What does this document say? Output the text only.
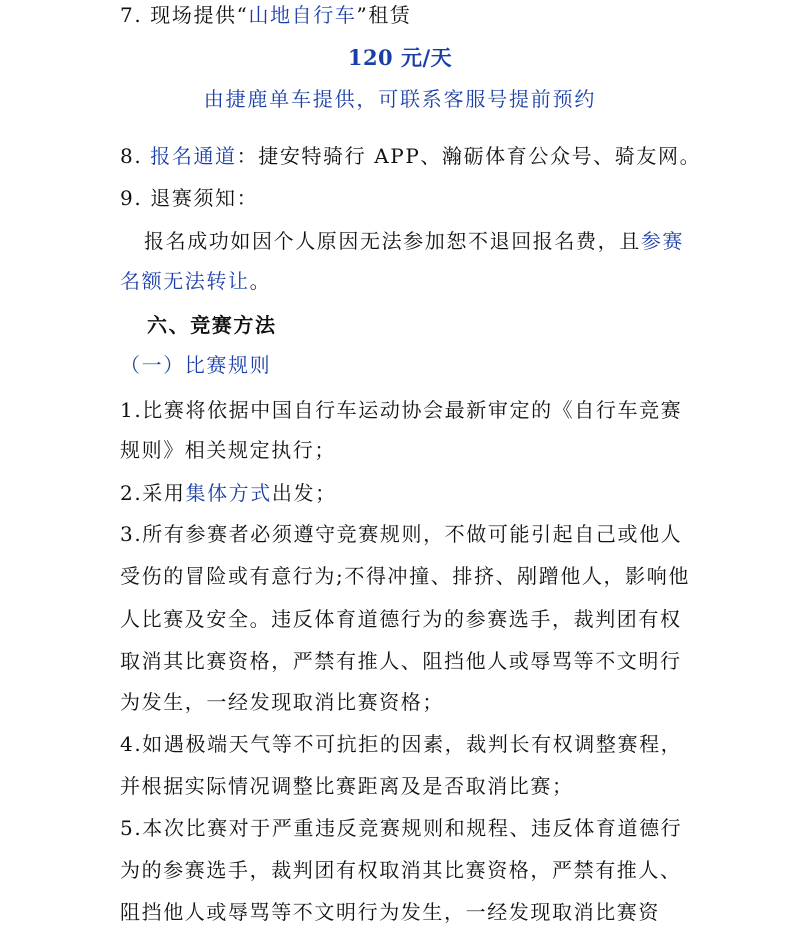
7. 现场提供“山地自行车”租赁
120 元/天
由捷鹿单车提供，可联系客服号提前预约
8. 报名通道：捷安特骑行 APP、瀚砺体育公众号、骑友网。
9. 退赛须知：
报名成功如因个人原因无法参加恕不退回报名费，且参赛
名额无法转让。
六、竞赛方法
（一）比赛规则
1.比赛将依据中国自行车运动协会最新审定的《自行车竞赛
规则》相关规定执行；
2.采用集体方式出发；
3.所有参赛者必须遵守竞赛规则，不做可能引起自己或他人
受伤的冒险或有意行为;不得冲撞、排挤、剐蹭他人，影响他
人比赛及安全。违反体育道德行为的参赛选手，裁判团有权
取消其比赛资格，严禁有推人、阻挡他人或辱骂等不文明行
为发生，一经发现取消比赛资格；
4.如遇极端天气等不可抗拒的因素，裁判长有权调整赛程，
并根据实际情况调整比赛距离及是否取消比赛；
5.本次比赛对于严重违反竞赛规则和规程、违反体育道德行
为的参赛选手，裁判团有权取消其比赛资格，严禁有推人、
阻挡他人或辱骂等不文明行为发生，一经发现取消比赛资
